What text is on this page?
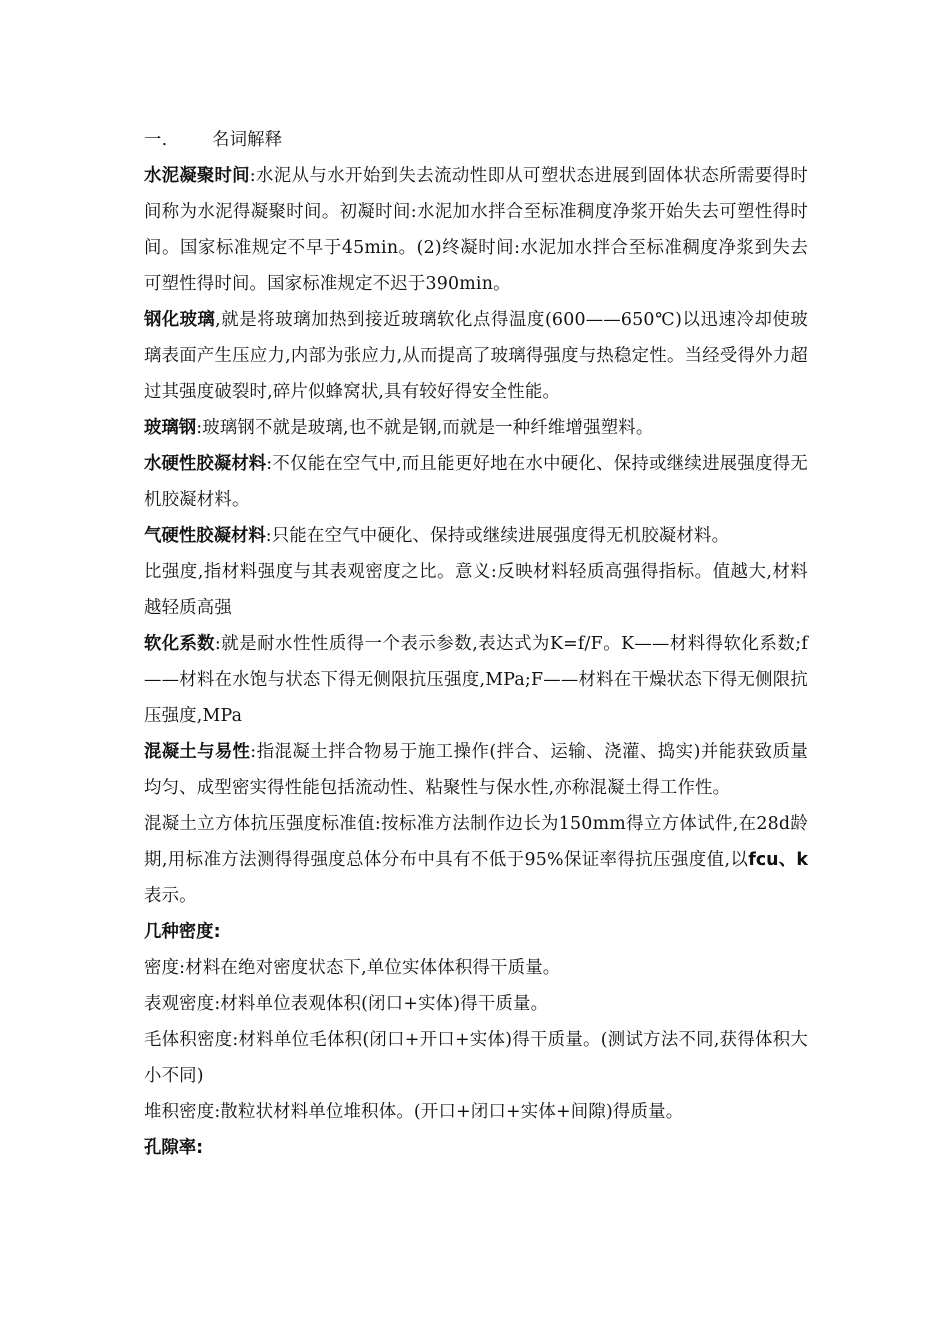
一.	名词解释

水泥凝聚时间:水泥从与水开始到失去流动性即从可塑状态进展到固体状态所需要得时间称为水泥得凝聚时间。初凝时间:水泥加水拌合至标准稠度净浆开始失去可塑性得时间。国家标准规定不早于45min。(2)终凝时间:水泥加水拌合至标准稠度净浆到失去可塑性得时间。国家标准规定不迟于390min。

钢化玻璃,就是将玻璃加热到接近玻璃软化点得温度(600——650℃)以迅速冷却使玻璃表面产生压应力,内部为张应力,从而提高了玻璃得强度与热稳定性。当经受得外力超过其强度破裂时,碎片似蜂窝状,具有较好得安全性能。

玻璃钢:玻璃钢不就是玻璃,也不就是钢,而就是一种纤维增强塑料。

水硬性胶凝材料:不仅能在空气中,而且能更好地在水中硬化、保持或继续进展强度得无机胶凝材料。

气硬性胶凝材料:只能在空气中硬化、保持或继续进展强度得无机胶凝材料。

比强度,指材料强度与其表观密度之比。意义:反映材料轻质高强得指标。值越大,材料越轻质高强

软化系数:就是耐水性性质得一个表示参数,表达式为K=f/F。K——材料得软化系数;f——材料在水饱与状态下得无侧限抗压强度,MPa;F——材料在干燥状态下得无侧限抗压强度,MPa

混凝土与易性:指混凝土拌合物易于施工操作(拌合、运输、浇灌、捣实)并能获致质量均匀、成型密实得性能包括流动性、粘聚性与保水性,亦称混凝土得工作性。

混凝土立方体抗压强度标准值:按标准方法制作边长为150mm得立方体试件,在28d龄期,用标准方法测得得强度总体分布中具有不低于95%保证率得抗压强度值,以fcu、k表示。

几种密度:

密度:材料在绝对密度状态下,单位实体体积得干质量。

表观密度:材料单位表观体积(闭口+实体)得干质量。

毛体积密度:材料单位毛体积(闭口+开口+实体)得干质量。(测试方法不同,获得体积大小不同)

堆积密度:散粒状材料单位堆积体。(开口+闭口+实体+间隙)得质量。

孔隙率:
